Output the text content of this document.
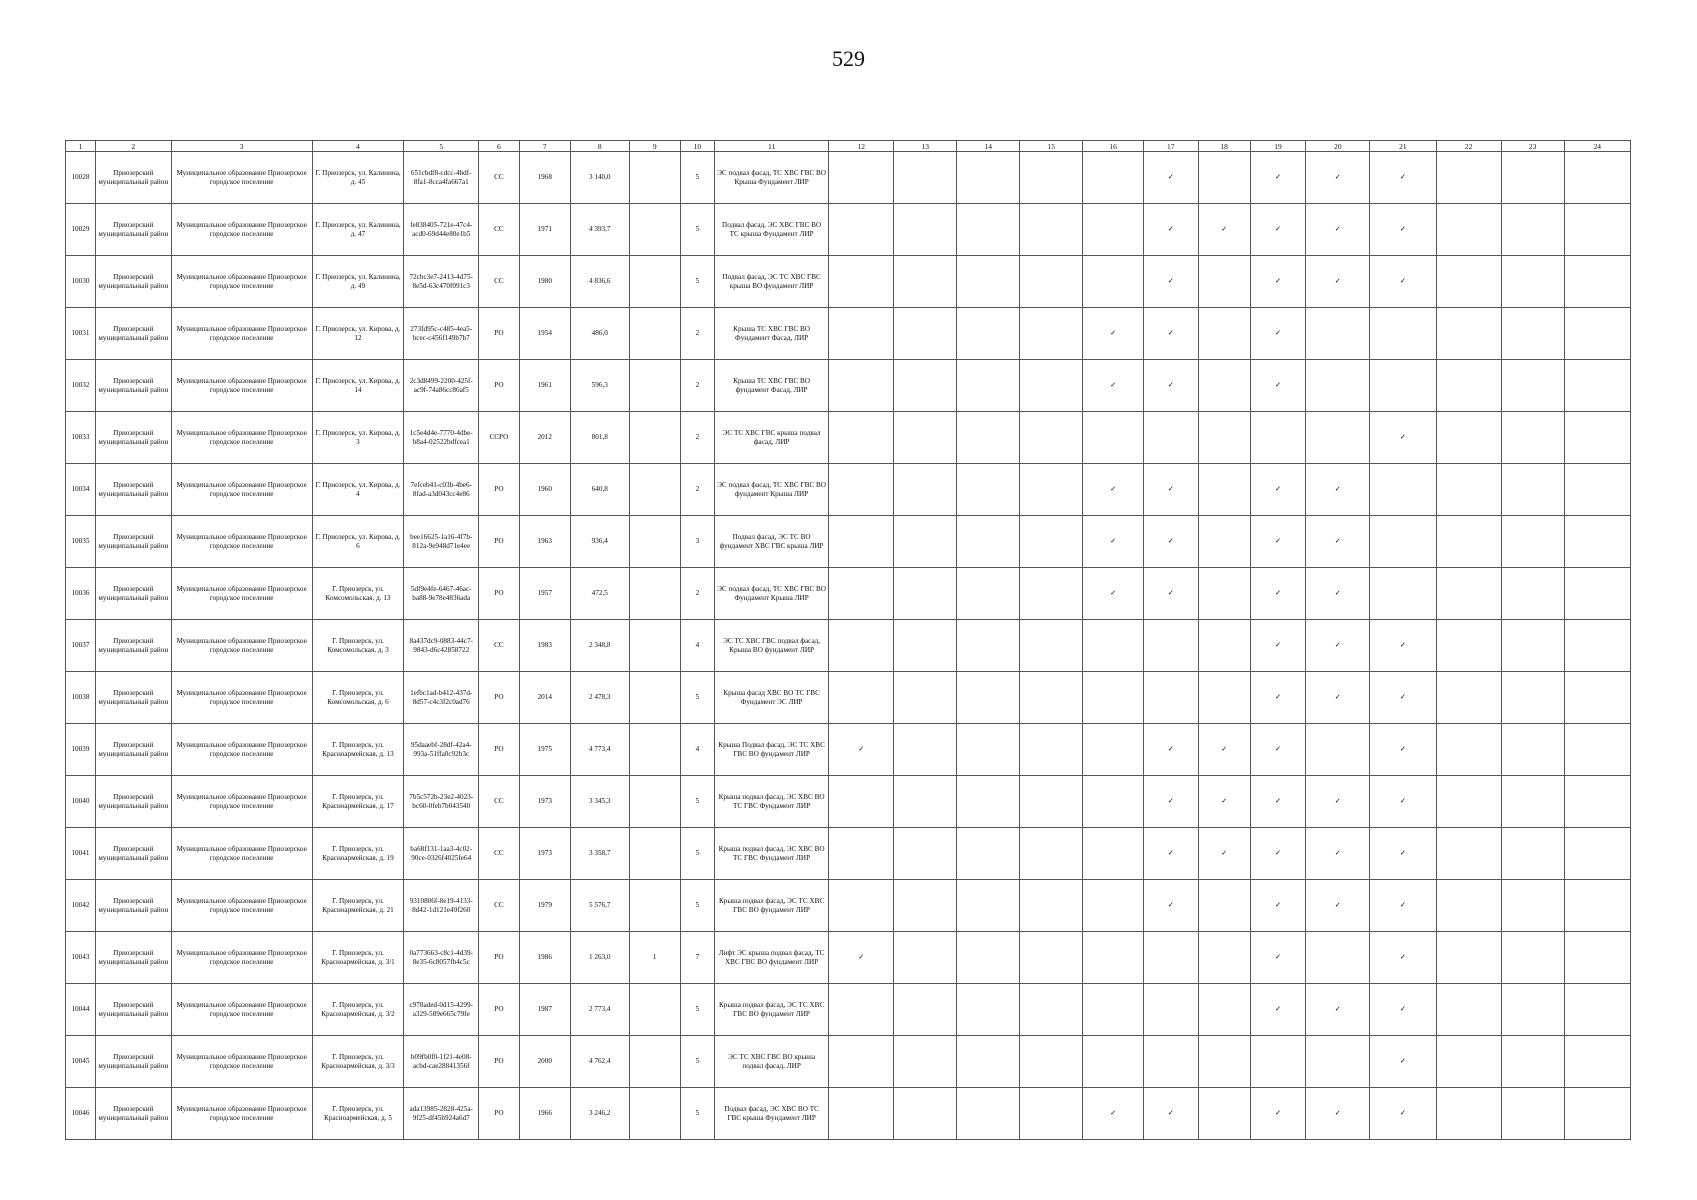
529
1	2	3	4	5	6	7	8	9	10	11	12	13	14	15	16	17	18	19	20	21	22	23	24
10028	Приозерский муниципальный район	Муниципальное образование Приозерское городское поселение	Г. Приозерск, ул. Калинина, д. 45	651cbdf8-cdcc-4bdf-8fa1-8cca4fa667a1	СС	1968	3 140,0		5	ЭС подвал фасад, ТС ХВС ГВС ВО Крыша Фундамент ЛИР						✓		✓	✓	✓			
10029	Приозерский муниципальный район	Муниципальное образование Приозерское городское поселение	Г. Приозерск, ул. Калинина, д. 47	fe838405-721e-47c4-acd0-69d44e80e1b5	СС	1971	4 393,7		5	Подвал фасад, ЭС ХВС ГВС ВО ТС крыша Фундамент ЛИР						✓	✓	✓	✓	✓			
10030	Приозерский муниципальный район	Муниципальное образование Приозерское городское поселение	Г. Приозерск, ул. Калинина, д. 49	72cbc3e7-2413-4d75-8e5d-63c470f091c3	СС	1980	4 836,6		5	Подвал фасад, ЭС ТС ХВС ГВС крыша ВО фундамент ЛИР						✓		✓	✓	✓			
10031	Приозерский муниципальный район	Муниципальное образование Приозерское городское поселение	Г. Приозерск, ул. Кирова, д. 12	273fd95c-c485-4ea5-bcec-c456f149b7b7	РО	1954	486,0		2	Крыша ТС ХВС ГВС ВО Фундамент Фасад, ЛИР					✓	✓		✓					
10032	Приозерский муниципальный район	Муниципальное образование Приозерское городское поселение	Г. Приозерск, ул. Кирова, д. 14	2c3d8499-2200-425f-ac9f-74a86cc86af5	РО	1961	596,3		2	Крыша ТС ХВС ГВС ВО фундамент Фасад, ЛИР					✓	✓		✓					
10033	Приозерский муниципальный район	Муниципальное образование Приозерское городское поселение	Г. Приозерск, ул. Кирова, д. 3	1c5e4d4e-7770-4dbe-b8a4-02522bdfcea1	ССРО	2012	801,8		2	ЭС ТС ХВС ГВС крыша подвал фасад, ЛИР										✓			
10034	Приозерский муниципальный район	Муниципальное образование Приозерское городское поселение	Г. Приозерск, ул. Кирова, д. 4	7efceb41-c03b-4be6-8fad-a3d043cc4e86	РО	1960	640,8		2	ЭС подвал фасад, ТС ХВС ГВС ВО фундамент Крыша ЛИР					✓	✓		✓	✓				
10035	Приозерский муниципальный район	Муниципальное образование Приозерское городское поселение	Г. Приозерск, ул. Кирова, д. 6	bee16625-1a16-4f7b-812a-9e948d71e4ee	РО	1963	936,4		3	Подвал фасад, ЭС ТС ВО фундамент ХВС ГВС крыша ЛИР					✓	✓		✓	✓				
10036	Приозерский муниципальный район	Муниципальное образование Приозерское городское поселение	Г. Приозерск, ул. Комсомольская, д. 13	5df9e4fe-6467-46ac-ba88-9e78e4836ada	РО	1957	472,5		2	ЭС подвал фасад, ТС ХВС ГВС ВО Фундамент Крыша ЛИР					✓	✓		✓	✓				
10037	Приозерский муниципальный район	Муниципальное образование Приозерское городское поселение	Г. Приозерск, ул. Комсомольская, д. 3	8a437dc9-0883-44c7-9843-d6c42858722	СС	1983	2 348,8		4	ЭС ТС ХВС ГВС подвал фасад, Крыша ВО фундамент ЛИР								✓	✓	✓			
10038	Приозерский муниципальный район	Муниципальное образование Приозерское городское поселение	Г. Приозерск, ул. Комсомольская, д. 6	1efbc1ad-b412-437d-8d57-c4c3f2c0ad76	РО	2014	2 478,3		5	Крыша фасад ХВС ВО ТС ГВС Фундамент ЭС ЛИР								✓	✓	✓			
10039	Приозерский муниципальный район	Муниципальное образование Приозерское городское поселение	Г. Приозерск, ул. Красноармейская, д. 13	95daaebf-28df-42a4-993a-51ffa0c92b3c	РО	1975	4 773,4		4	Крыша Подвал фасад, ЭС ТС ХВС ГВС ВО фундамент ЛИР	✓					✓	✓	✓		✓			
10040	Приозерский муниципальный район	Муниципальное образование Приозерское городское поселение	Г. Приозерск, ул. Красноармейская, д. 17	7b5c572b-23e2-4023-bc60-0feb7b043540	СС	1973	3 345,3		5	Крыша подвал фасад, ЭС ХВС ВО ТС ГВС Фундамент ЛИР						✓	✓	✓	✓	✓			
10041	Приозерский муниципальный район	Муниципальное образование Приозерское городское поселение	Г. Приозерск, ул. Красноармейская, д. 19	ba68f131-1aa3-4c02-90ce-0326f4025fe64	СС	1973	3 358,7		5	Крыша подвал фасад, ЭС ХВС ВО ТС ГВС Фундамент ЛИР						✓	✓	✓	✓	✓			
10042	Приозерский муниципальный район	Муниципальное образование Приозерское городское поселение	Г. Приозерск, ул. Красноармейская, д. 21	9310806f-8e19-4133-8d42-1d121e49f260	СС	1979	5 576,7		5	Крыша подвал фасад, ЭС ТС ХВС ГВС ВО фундамент ЛИР						✓		✓	✓	✓			
10043	Приозерский муниципальный район	Муниципальное образование Приозерское городское поселение	Г. Приозерск, ул. Красноармейская, д. 3/1	0a773663-c8c1-4d39-8e35-6c8057fb4c5c	РО	1986	1 263,0	1	7	Лифт ЭС крыша подвал фасад, ТС ХВС ГВС ВО фундамент ЛИР	✓							✓		✓			
10044	Приозерский муниципальный район	Муниципальное образование Приозерское городское поселение	Г. Приозерск, ул. Красноармейская, д. 3/2	c978aded-0d15-4299-a329-589e665c79fe	РО	1987	2 773,4		5	Крыша подвал фасад, ЭС ТС ХВС ГВС ВО фундамент ЛИР								✓	✓	✓			
10045	Приозерский муниципальный район	Муниципальное образование Приозерское городское поселение	Г. Приозерск, ул. Красноармейская, д. 3/3	b09fb0f0-1f21-4e08-acbd-cae28841356f	РО	2000	4 762,4		5	ЭС ТС ХВС ГВС ВО крыша подвал фасад, ЛИР										✓			
10046	Приозерский муниципальный район	Муниципальное образование Приозерское городское поселение	Г. Приозерск, ул. Красноармейская, д. 5	ada13985-2828-425a-9f25-df45b924a6d7	РО	1966	3 246,2		5	Подвал фасад, ЭС ХВС ВО ТС ГВС крыша Фундамент ЛИР					✓	✓		✓	✓	✓			
